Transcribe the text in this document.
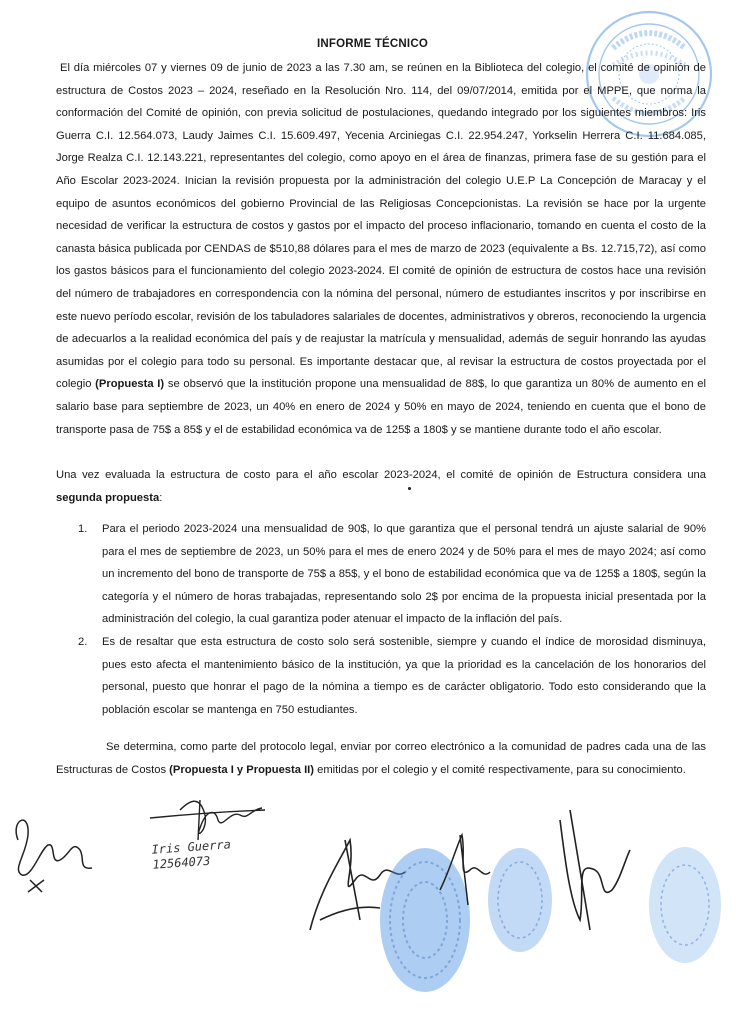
INFORME TÉCNICO
El día miércoles 07 y viernes 09 de junio de 2023 a las 7.30 am, se reúnen en la Biblioteca del colegio, el comité de opinión de estructura de Costos 2023 – 2024, reseñado en la Resolución Nro. 114, del 09/07/2014, emitida por el MPPE, que norma la conformación del Comité de opinión, con previa solicitud de postulaciones, quedando integrado por los siguientes miembros: Iris Guerra C.I. 12.564.073, Laudy Jaimes C.I. 15.609.497, Yecenia Arciniegas C.I. 22.954.247, Yorkselin Herrera C.I. 11.684.085, Jorge Realza C.I. 12.143.221, representantes del colegio, como apoyo en el área de finanzas, primera fase de su gestión para el Año Escolar 2023-2024. Inician la revisión propuesta por la administración del colegio U.E.P La Concepción de Maracay y el equipo de asuntos económicos del gobierno Provincial de las Religiosas Concepcionistas. La revisión se hace por la urgente necesidad de verificar la estructura de costos y gastos por el impacto del proceso inflacionario, tomando en cuenta el costo de la canasta básica publicada por CENDAS de $510,88 dólares para el mes de marzo de 2023 (equivalente a Bs. 12.715,72), así como los gastos básicos para el funcionamiento del colegio 2023-2024. El comité de opinión de estructura de costos hace una revisión del número de trabajadores en correspondencia con la nómina del personal, número de estudiantes inscritos y por inscribirse en este nuevo período escolar, revisión de los tabuladores salariales de docentes, administrativos y obreros, reconociendo la urgencia de adecuarlos a la realidad económica del país y de reajustar la matrícula y mensualidad, además de seguir honrando las ayudas asumidas por el colegio para todo su personal. Es importante destacar que, al revisar la estructura de costos proyectada por el colegio (Propuesta I) se observó que la institución propone una mensualidad de 88$, lo que garantiza un 80% de aumento en el salario base para septiembre de 2023, un 40% en enero de 2024 y 50% en mayo de 2024, teniendo en cuenta que el bono de transporte pasa de 75$ a 85$ y el de estabilidad económica va de 125$ a 180$ y se mantiene durante todo el año escolar.
Una vez evaluada la estructura de costo para el año escolar 2023-2024, el comité de opinión de Estructura considera una segunda propuesta:
1.	Para el periodo 2023-2024 una mensualidad de 90$, lo que garantiza que el personal tendrá un ajuste salarial de 90% para el mes de septiembre de 2023, un 50% para el mes de enero 2024 y de 50% para el mes de mayo 2024; así como un incremento del bono de transporte de 75$ a 85$, y el bono de estabilidad económica que va de 125$ a 180$, según la categoría y el número de horas trabajadas, representando solo 2$ por encima de la propuesta inicial presentada por la administración del colegio, la cual garantiza poder atenuar el impacto de la inflación del país.
2.	Es de resaltar que esta estructura de costo solo será sostenible, siempre y cuando el índice de morosidad disminuya, pues esto afecta el mantenimiento básico de la institución, ya que la prioridad es la cancelación de los honorarios del personal, puesto que honrar el pago de la nómina a tiempo es de carácter obligatorio. Todo esto considerando que la población escolar se mantenga en 750 estudiantes.
Se determina, como parte del protocolo legal, enviar por correo electrónico a la comunidad de padres cada una de las Estructuras de Costos (Propuesta I y Propuesta II) emitidas por el colegio y el comité respectivamente, para su conocimiento.
Iris Guerra
12564073
